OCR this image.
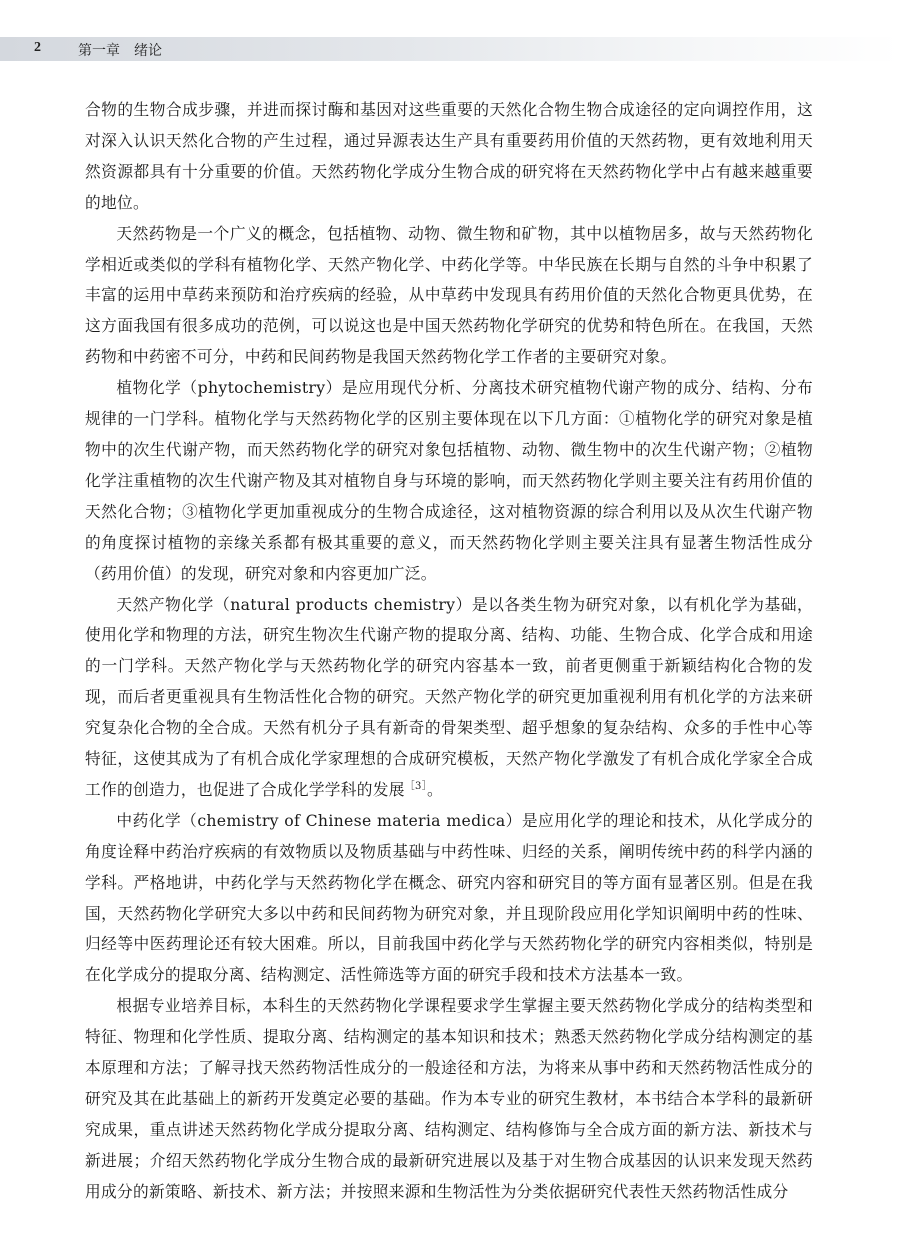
2	第一章　绪论

合物的生物合成步骤，并进而探讨酶和基因对这些重要的天然化合物生物合成途径的定向调控作用，这对深入认识天然化合物的产生过程，通过异源表达生产具有重要药用价值的天然药物，更有效地利用天然资源都具有十分重要的价值。天然药物化学成分生物合成的研究将在天然药物化学中占有越来越重要的地位。

天然药物是一个广义的概念，包括植物、动物、微生物和矿物，其中以植物居多，故与天然药物化学相近或类似的学科有植物化学、天然产物化学、中药化学等。中华民族在长期与自然的斗争中积累了丰富的运用中草药来预防和治疗疾病的经验，从中草药中发现具有药用价值的天然化合物更具优势，在这方面我国有很多成功的范例，可以说这也是中国天然药物化学研究的优势和特色所在。在我国，天然药物和中药密不可分，中药和民间药物是我国天然药物化学工作者的主要研究对象。

植物化学（phytochemistry）是应用现代分析、分离技术研究植物代谢产物的成分、结构、分布规律的一门学科。植物化学与天然药物化学的区别主要体现在以下几方面：①植物化学的研究对象是植物中的次生代谢产物，而天然药物化学的研究对象包括植物、动物、微生物中的次生代谢产物；②植物化学注重植物的次生代谢产物及其对植物自身与环境的影响，而天然药物化学则主要关注有药用价值的天然化合物；③植物化学更加重视成分的生物合成途径，这对植物资源的综合利用以及从次生代谢产物的角度探讨植物的亲缘关系都有极其重要的意义，而天然药物化学则主要关注具有显著生物活性成分（药用价值）的发现，研究对象和内容更加广泛。

天然产物化学（natural products chemistry）是以各类生物为研究对象，以有机化学为基础，使用化学和物理的方法，研究生物次生代谢产物的提取分离、结构、功能、生物合成、化学合成和用途的一门学科。天然产物化学与天然药物化学的研究内容基本一致，前者更侧重于新颖结构化合物的发现，而后者更重视具有生物活性化合物的研究。天然产物化学的研究更加重视利用有机化学的方法来研究复杂化合物的全合成。天然有机分子具有新奇的骨架类型、超乎想象的复杂结构、众多的手性中心等特征，这使其成为了有机合成化学家理想的合成研究模板，天然产物化学激发了有机合成化学家全合成工作的创造力，也促进了合成化学学科的发展$^{[3]}$。

中药化学（chemistry of Chinese materia medica）是应用化学的理论和技术，从化学成分的角度诠释中药治疗疾病的有效物质以及物质基础与中药性味、归经的关系，阐明传统中药的科学内涵的学科。严格地讲，中药化学与天然药物化学在概念、研究内容和研究目的等方面有显著区别。但是在我国，天然药物化学研究大多以中药和民间药物为研究对象，并且现阶段应用化学知识阐明中药的性味、归经等中医药理论还有较大困难。所以，目前我国中药化学与天然药物化学的研究内容相类似，特别是在化学成分的提取分离、结构测定、活性筛选等方面的研究手段和技术方法基本一致。

根据专业培养目标，本科生的天然药物化学课程要求学生掌握主要天然药物化学成分的结构类型和特征、物理和化学性质、提取分离、结构测定的基本知识和技术；熟悉天然药物化学成分结构测定的基本原理和方法；了解寻找天然药物活性成分的一般途径和方法，为将来从事中药和天然药物活性成分的研究及其在此基础上的新药开发奠定必要的基础。作为本专业的研究生教材，本书结合本学科的最新研究成果，重点讲述天然药物化学成分提取分离、结构测定、结构修饰与全合成方面的新方法、新技术与新进展；介绍天然药物化学成分生物合成的最新研究进展以及基于对生物合成基因的认识来发现天然药用成分的新策略、新技术、新方法；并按照来源和生物活性为分类依据研究代表性天然药物活性成分
